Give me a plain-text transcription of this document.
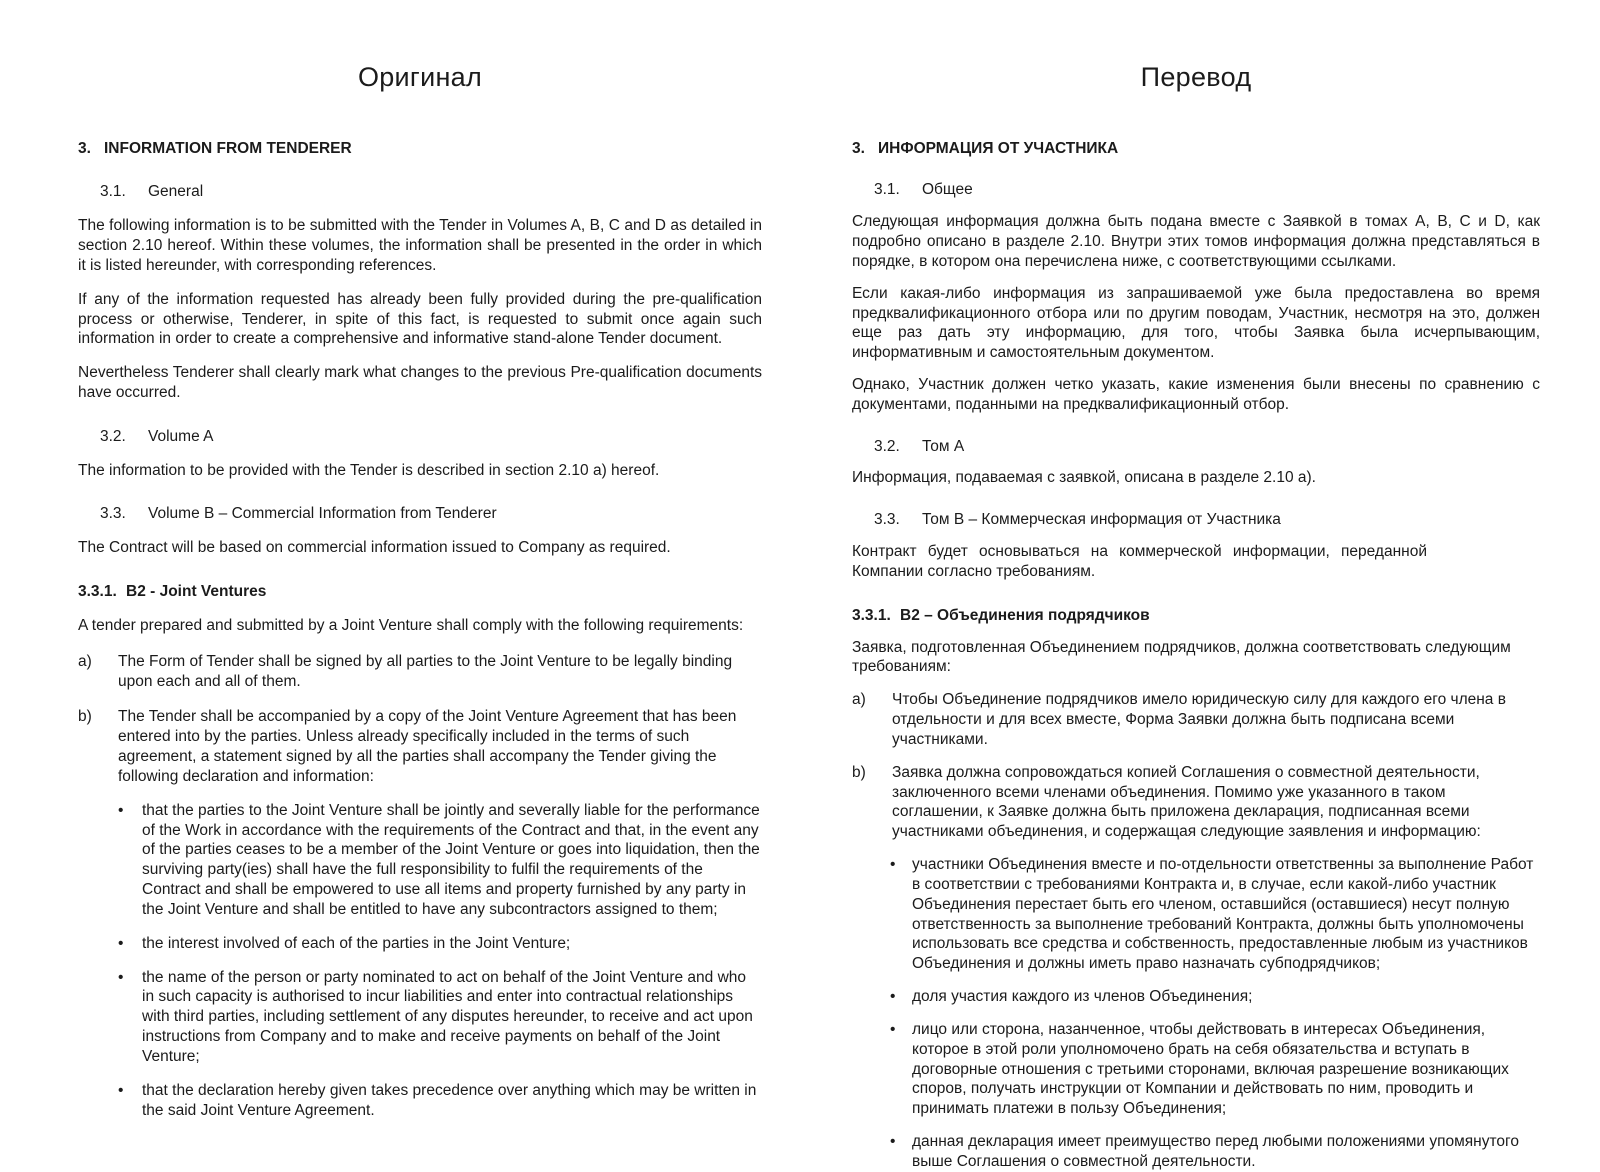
Оригинал
3. INFORMATION FROM TENDERER
3.1.	General

The following information is to be submitted with the Tender in Volumes A, B, C and D as detailed in section 2.10 hereof. Within these volumes, the information shall be presented in the order in which it is listed hereunder, with corresponding references.

If any of the information requested has already been fully provided during the pre-qualification process or otherwise, Tenderer, in spite of this fact, is requested to submit once again such information in order to create a comprehensive and informative stand-alone Tender document.

Nevertheless Tenderer shall clearly mark what changes to the previous Pre-qualification documents have occurred.

3.2.	Volume A

The information to be provided with the Tender is described in section 2.10 a) hereof.

3.3.	Volume B – Commercial Information from Tenderer

The Contract will be based on commercial information issued to Company as required.

3.3.1. B2 - Joint Ventures

A tender prepared and submitted by a Joint Venture shall comply with the following requirements:

a)	The Form of Tender shall be signed by all parties to the Joint Venture to be legally binding upon each and all of them.
b)	The Tender shall be accompanied by a copy of the Joint Venture Agreement that has been entered into by the parties. Unless already specifically included in the terms of such agreement, a statement signed by all the parties shall accompany the Tender giving the following declaration and information:
•	that the parties to the Joint Venture shall be jointly and severally liable for the performance of the Work in accordance with the requirements of the Contract and that, in the event any of the parties ceases to be a member of the Joint Venture or goes into liquidation, then the surviving party(ies) shall have the full responsibility to fulfil the requirements of the Contract and shall be empowered to use all items and property furnished by any party in the Joint Venture and shall be entitled to have any subcontractors assigned to them;
•	the interest involved of each of the parties in the Joint Venture;
•	the name of the person or party nominated to act on behalf of the Joint Venture and who in such capacity is authorised to incur liabilities and enter into contractual relationships with third parties, including settlement of any disputes hereunder, to receive and act upon instructions from Company and to make and receive payments on behalf of the Joint Venture;
•	that the declaration hereby given takes precedence over anything which may be written in the said Joint Venture Agreement.
Перевод
3. ИНФОРМАЦИЯ ОТ УЧАСТНИКА
3.1.	Общее

Следующая информация должна быть подана вместе с Заявкой в томах А, В, С и D, как подробно описано в разделе 2.10. Внутри этих томов информация должна представляться в порядке, в котором она перечислена ниже, с соответствующими ссылками.

Если какая-либо информация из запрашиваемой уже была предоставлена во время предквалификационного отбора или по другим поводам, Участник, несмотря на это, должен еще раз дать эту информацию, для того, чтобы Заявка была исчерпывающим, информативным и самостоятельным документом.

Однако, Участник должен четко указать, какие изменения были внесены по сравнению с документами, поданными на предквалификационный отбор.

3.2.	Том А

Информация, подаваемая с заявкой, описана в разделе 2.10 а).

3.3.	Том В – Коммерческая информация от Участника

Контракт будет основываться на коммерческой информации, переданной Компании согласно требованиям.

3.3.1. В2 – Объединения подрядчиков

Заявка, подготовленная Объединением подрядчиков, должна соответствовать следующим требованиям:

a)	Чтобы Объединение подрядчиков имело юридическую силу для каждого его члена в отдельности и для всех вместе, Форма Заявки должна быть подписана всеми участниками.
b)	Заявка должна сопровождаться копией Соглашения о совместной деятельности, заключенного всеми членами объединения. Помимо уже указанного в таком соглашении, к Заявке должна быть приложена декларация, подписанная всеми участниками объединения, и содержащая следующие заявления и информацию:
•	участники Объединения вместе и по-отдельности ответственны за выполнение Работ в соответствии с требованиями Контракта и, в случае, если какой-либо участник Объединения перестает быть его членом, оставшийся (оставшиеся) несут полную ответственность за выполнение требований Контракта, должны быть уполномочены использовать все средства и собственность, предоставленные любым из участников Объединения и должны иметь право назначать субподрядчиков;
•	доля участия каждого из членов Объединения;
•	лицо или сторона, назанченное, чтобы действовать в интересах Объединения, которое в этой роли уполномочено брать на себя обязательства и вступать в договорные отношения с третьими сторонами, включая разрешение возникающих споров, получать инструкции от Компании и действовать по ним, проводить и принимать платежи в пользу Объединения;
•	данная декларация имеет преимущество перед любыми положениями упомянутого выше Соглашения о совместной деятельности.
